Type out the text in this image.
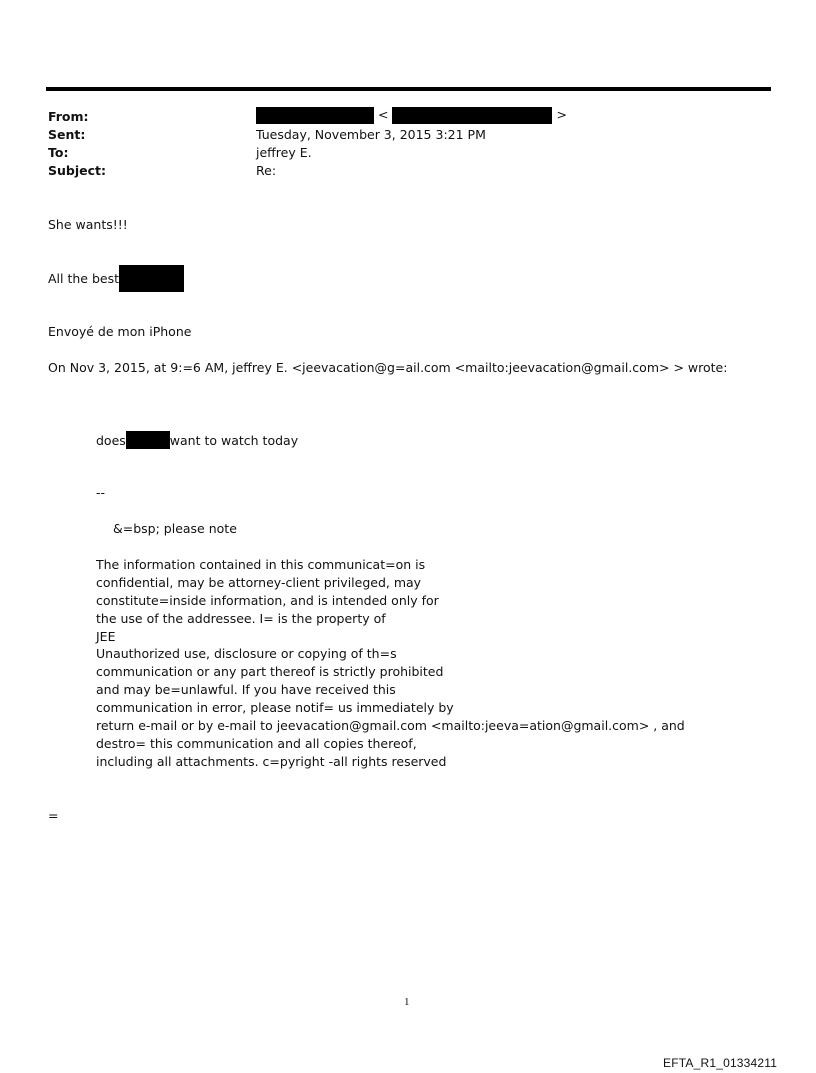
From:	<	>
Sent:	Tuesday, November 3, 2015 3:21 PM
To:	jeffrey E.
Subject:	Re:
She wants!!!
All the best
Envoyé de mon iPhone
On Nov 3, 2015, at 9:=6 AM, jeffrey E. <jeevacation@g=ail.com <mailto:jeevacation@gmail.com> > wrote:
does	want to watch today
--
&=bsp; please note
The information contained in this communicat=on is
confidential, may be attorney-client privileged, may
constitute=inside information, and is intended only for
the use of the addressee. I= is the property of
JEE
Unauthorized use, disclosure or copying of th=s
communication or any part thereof is strictly prohibited
and may be=unlawful. If you have received this
communication in error, please notif= us immediately by
return e-mail or by e-mail to jeevacation@gmail.com <mailto:jeeva=ation@gmail.com> , and
destro= this communication and all copies thereof,
including all attachments. c=pyright -all rights reserved
=
1
EFTA_R1_01334211
